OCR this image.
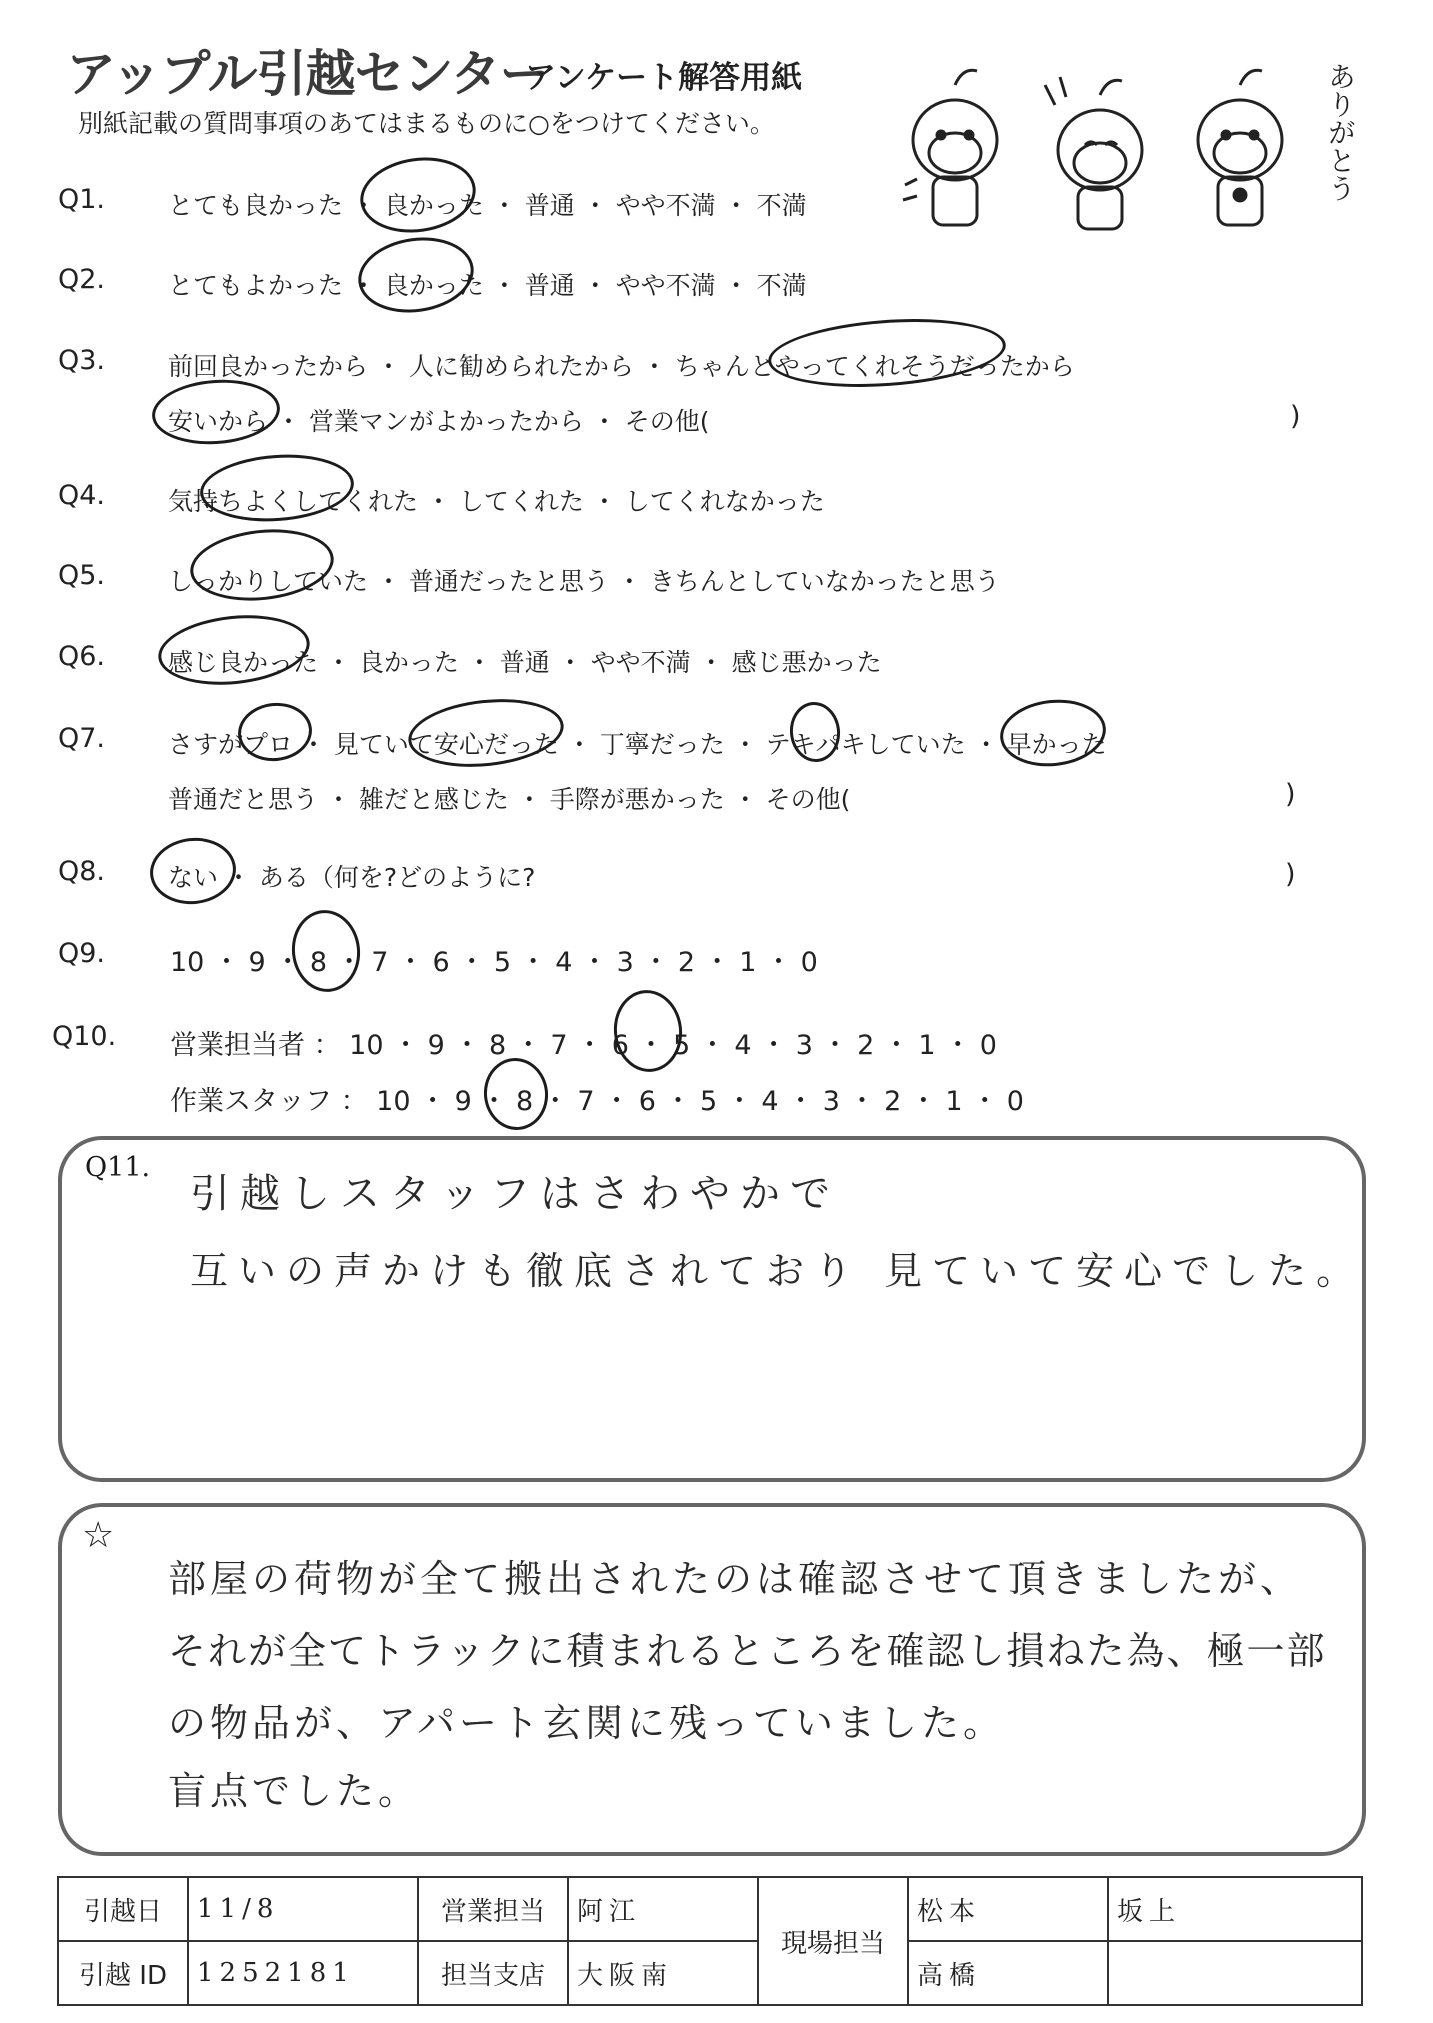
アップル引越センター
アンケート解答用紙
別紙記載の質問事項のあてはまるものに○をつけてください。	ありがとう
Q1.	とても良かった ・ 良かった ・ 普通 ・ やや不満 ・ 不満
Q2.	とてもよかった ・ 良かった ・ 普通 ・ やや不満 ・ 不満
Q3.	前回良かったから ・ 人に勧められたから ・ ちゃんとやってくれそうだったから
安いから ・ 営業マンがよかったから ・ その他(	)
Q4.	気持ちよくしてくれた ・ してくれた ・ してくれなかった
Q5.	しっかりしていた ・ 普通だったと思う ・ きちんとしていなかったと思う
Q6.	感じ良かった ・ 良かった ・ 普通 ・ やや不満 ・ 感じ悪かった
Q7.	さすがプロ ・ 見ていて安心だった ・ 丁寧だった ・ テキパキしていた ・ 早かった
普通だと思う ・ 雑だと感じた ・ 手際が悪かった ・ その他(	)
Q8.	ない ・ ある（何を?どのように?	)
Q9. 10 ・ 9 ・ 8 ・ 7 ・ 6 ・ 5 ・ 4 ・ 3 ・ 2 ・ 1 ・ 0
Q10. 営業担当者 ： 10 ・ 9 ・ 8 ・ 7 ・ 6 ・ 5 ・ 4 ・ 3 ・ 2 ・ 1 ・ 0
作業スタッフ ： 10 ・ 9 ・ 8 ・ 7 ・ 6 ・ 5 ・ 4 ・ 3 ・ 2 ・ 1 ・ 0
Q11.
引越しスタッフはさわやかで
互いの声かけも徹底されており 見ていて安心でした。
☆
部屋の荷物が全て搬出されたのは確認させて頂きましたが、
それが全てトラックに積まれるところを確認し損ねた為、極一部
の物品が、アパート玄関に残っていました。
盲点でした。
引越日	11/8	営業担当	阿江	現場担当	松本	坂上
引越 ID	1252181	担当支店	大阪南		高橋	
